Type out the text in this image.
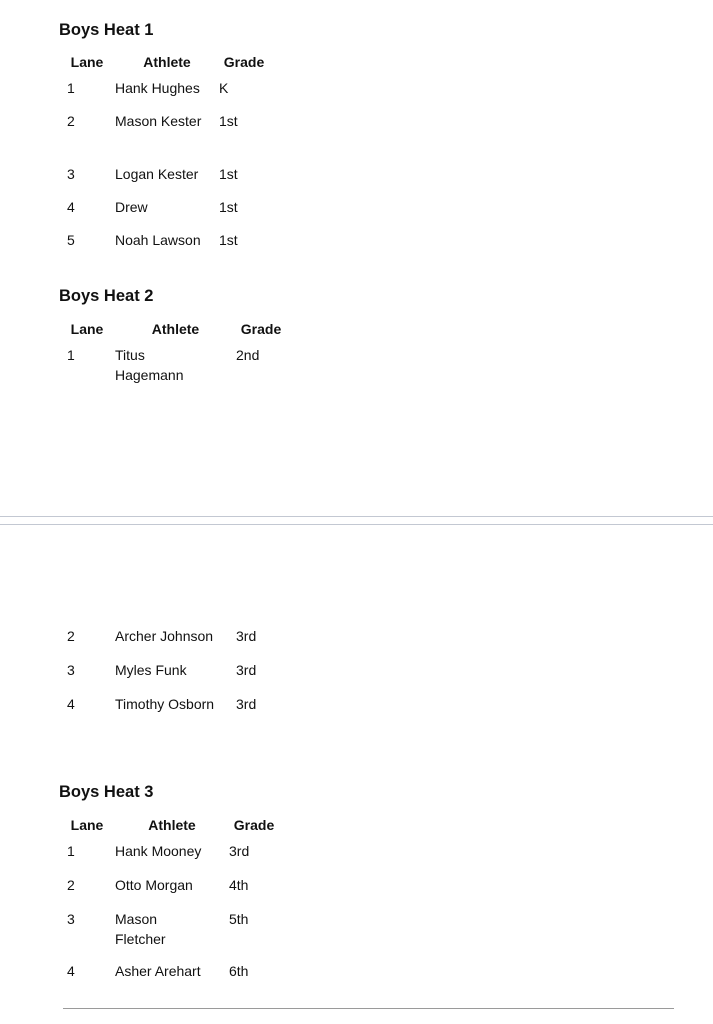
Boys Heat 1
Lane	Athlete	Grade
1	Hank Hughes	K
2	Mason Kester	1st
3	Logan Kester	1st
4	Drew	1st
5	Noah Lawson	1st
Boys Heat 2
Lane	Athlete	Grade
1	Titus Hagemann	2nd
2	Archer Johnson	3rd
3	Myles Funk	3rd
4	Timothy Osborn	3rd
Boys Heat 3
Lane	Athlete	Grade
1	Hank Mooney	3rd
2	Otto Morgan	4th
3	Mason Fletcher	5th
4	Asher Arehart	6th
